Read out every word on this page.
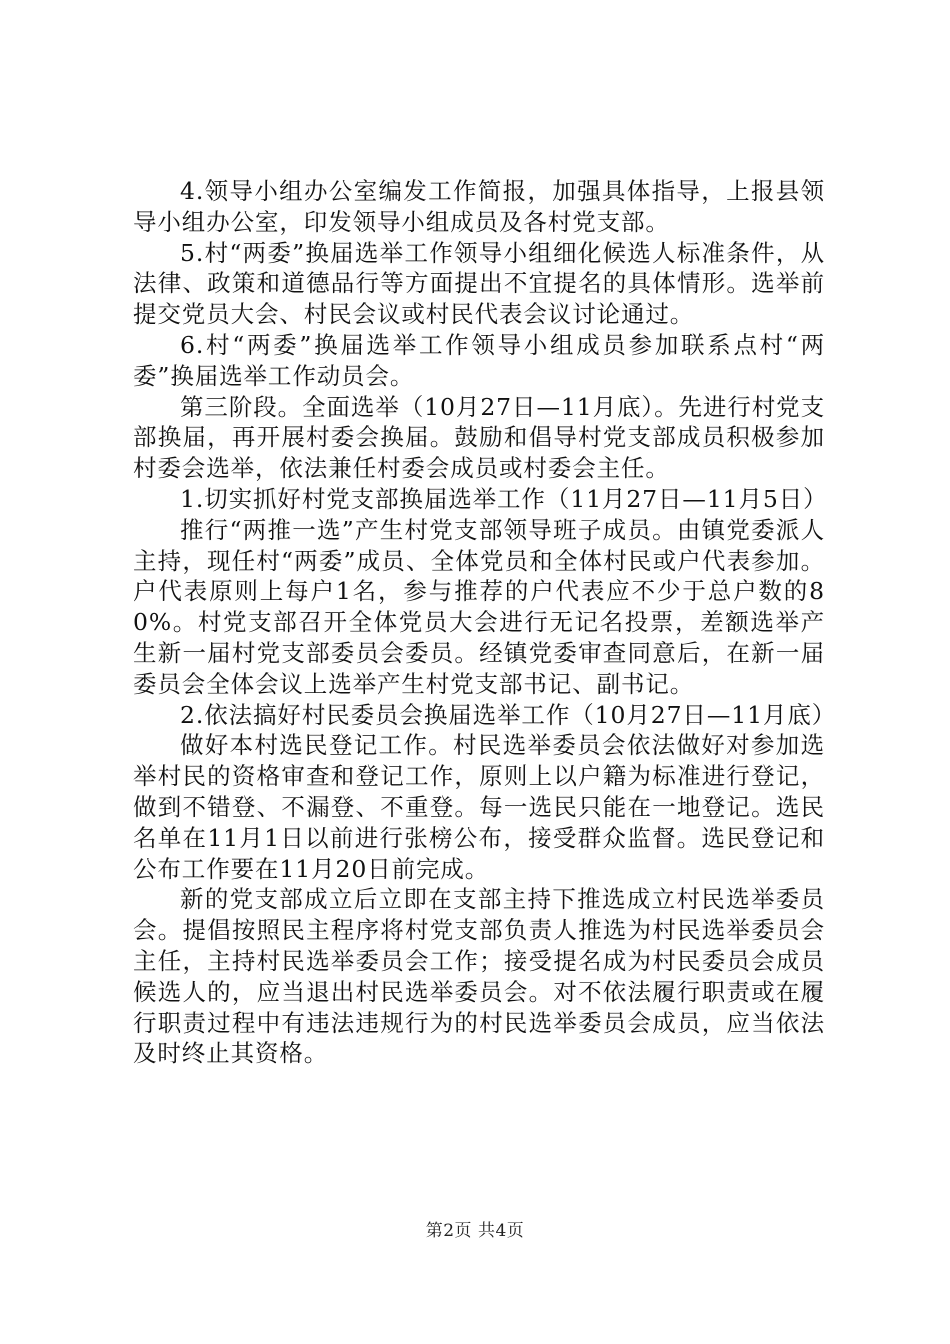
4.领导小组办公室编发工作简报，加强具体指导，上报县领导小组办公室，印发领导小组成员及各村党支部。

5.村“两委”换届选举工作领导小组细化候选人标准条件，从法律、政策和道德品行等方面提出不宜提名的具体情形。选举前提交党员大会、村民会议或村民代表会议讨论通过。

6.村“两委”换届选举工作领导小组成员参加联系点村“两委”换届选举工作动员会。

第三阶段。全面选举（10月27日—11月底）。先进行村党支部换届，再开展村委会换届。鼓励和倡导村党支部成员积极参加村委会选举，依法兼任村委会成员或村委会主任。

1.切实抓好村党支部换届选举工作（11月27日—11月5日）

推行“两推一选”产生村党支部领导班子成员。由镇党委派人主持，现任村“两委”成员、全体党员和全体村民或户代表参加。户代表原则上每户1名，参与推荐的户代表应不少于总户数的80%。村党支部召开全体党员大会进行无记名投票，差额选举产生新一届村党支部委员会委员。经镇党委审查同意后，在新一届委员会全体会议上选举产生村党支部书记、副书记。

2.依法搞好村民委员会换届选举工作（10月27日—11月底）

做好本村选民登记工作。村民选举委员会依法做好对参加选举村民的资格审查和登记工作，原则上以户籍为标准进行登记，做到不错登、不漏登、不重登。每一选民只能在一地登记。选民名单在11月1日以前进行张榜公布，接受群众监督。选民登记和公布工作要在11月20日前完成。

新的党支部成立后立即在支部主持下推选成立村民选举委员会。提倡按照民主程序将村党支部负责人推选为村民选举委员会主任，主持村民选举委员会工作；接受提名成为村民委员会成员候选人的，应当退出村民选举委员会。对不依法履行职责或在履行职责过程中有违法违规行为的村民选举委员会成员，应当依法及时终止其资格。

第2页 共4页
